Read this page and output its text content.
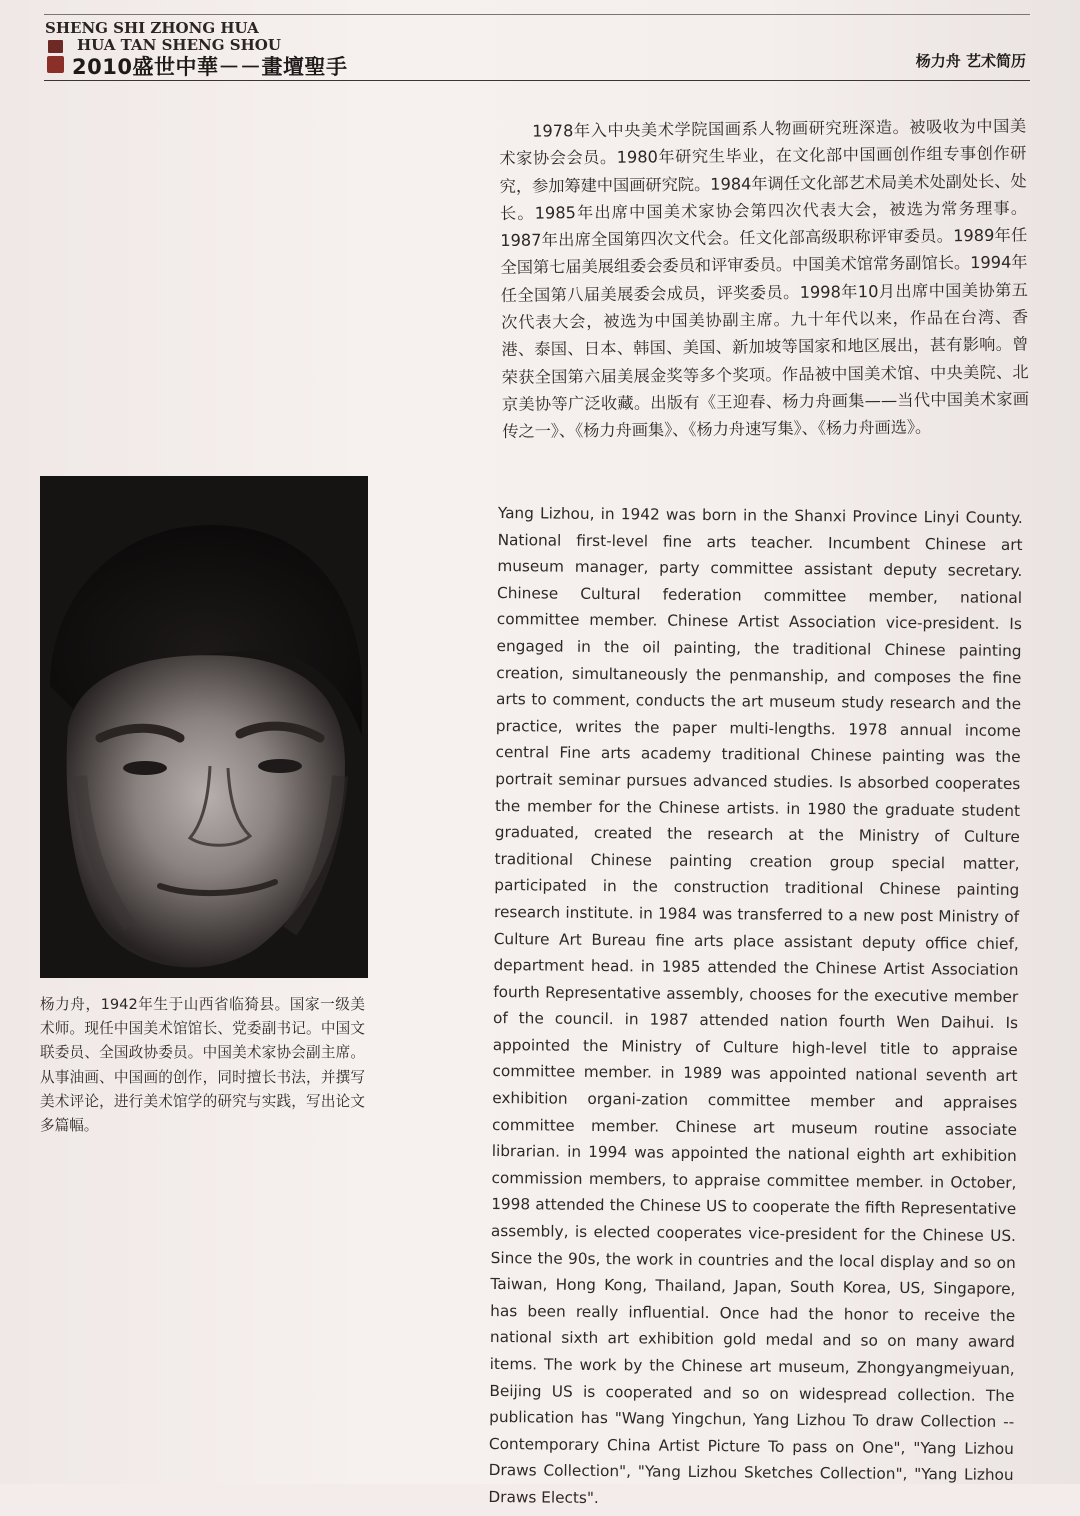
SHENG SHI ZHONG HUA
HUA TAN SHENG SHOU
2010盛世中華－－畫壇聖手	杨力舟 艺术简历
1978年入中央美术学院国画系人物画研究班深造。被吸收为中国美术家协会会员。1980年研究生毕业，在文化部中国画创作组专事创作研究，参加筹建中国画研究院。1984年调任文化部艺术局美术处副处长、处长。1985年出席中国美术家协会第四次代表大会，被选为常务理事。1987年出席全国第四次文代会。任文化部高级职称评审委员。1989年任全国第七届美展组委会委员和评审委员。中国美术馆常务副馆长。1994年任全国第八届美展委会成员，评奖委员。1998年10月出席中国美协第五次代表大会，被选为中国美协副主席。九十年代以来，作品在台湾、香港、泰国、日本、韩国、美国、新加坡等国家和地区展出，甚有影响。曾荣获全国第六届美展金奖等多个奖项。作品被中国美术馆、中央美院、北京美协等广泛收藏。出版有《王迎春、杨力舟画集——当代中国美术家画传之一》、《杨力舟画集》、《杨力舟速写集》、《杨力舟画选》。
杨力舟，1942年生于山西省临猗县。国家一级美术师。现任中国美术馆馆长、党委副书记。中国文联委员、全国政协委员。中国美术家协会副主席。从事油画、中国画的创作，同时擅长书法，并撰写美术评论，进行美术馆学的研究与实践，写出论文多篇幅。
Yang Lizhou, in 1942 was born in the Shanxi Province Linyi County. National first-level fine arts teacher. Incumbent Chinese art museum manager, party committee assistant deputy secretary. Chinese Cultural federation committee member, national committee member. Chinese Artist Association vice-president. Is engaged in the oil painting, the traditional Chinese painting creation, simultaneously the penmanship, and composes the fine arts to comment, conducts the art museum study research and the practice, writes the paper multi-lengths. 1978 annual income central Fine arts academy traditional Chinese painting was the portrait seminar pursues advanced studies. Is absorbed cooperates the member for the Chinese artists. in 1980 the graduate student graduated, created the research at the Ministry of Culture traditional Chinese painting creation group special matter, participated in the construction traditional Chinese painting research institute. in 1984 was transferred to a new post Ministry of Culture Art Bureau fine arts place assistant deputy office chief, department head. in 1985 attended the Chinese Artist Association fourth Representative assembly, chooses for the executive member of the council. in 1987 attended nation fourth Wen Daihui. Is appointed the Ministry of Culture high-level title to appraise committee member. in 1989 was appointed national seventh art exhibition organi-zation committee member and appraises committee member. Chinese art museum routine associate librarian. in 1994 was appointed the national eighth art exhibition commission members, to appraise committee member. in October, 1998 attended the Chinese US to cooperate the fifth Representative assembly, is elected cooperates vice-president for the Chinese US. Since the 90s, the work in countries and the local display and so on Taiwan, Hong Kong, Thailand, Japan, South Korea, US, Singapore, has been really influential. Once had the honor to receive the national sixth art exhibition gold medal and so on many award items. The work by the Chinese art museum, Zhongyangmeiyuan, Beijing US is cooperated and so on widespread collection. The publication has "Wang Yingchun, Yang Lizhou To draw Collection -- Contemporary China Artist Picture To pass on One", "Yang Lizhou Draws Collection", "Yang Lizhou Sketches Collection", "Yang Lizhou Draws Elects".
